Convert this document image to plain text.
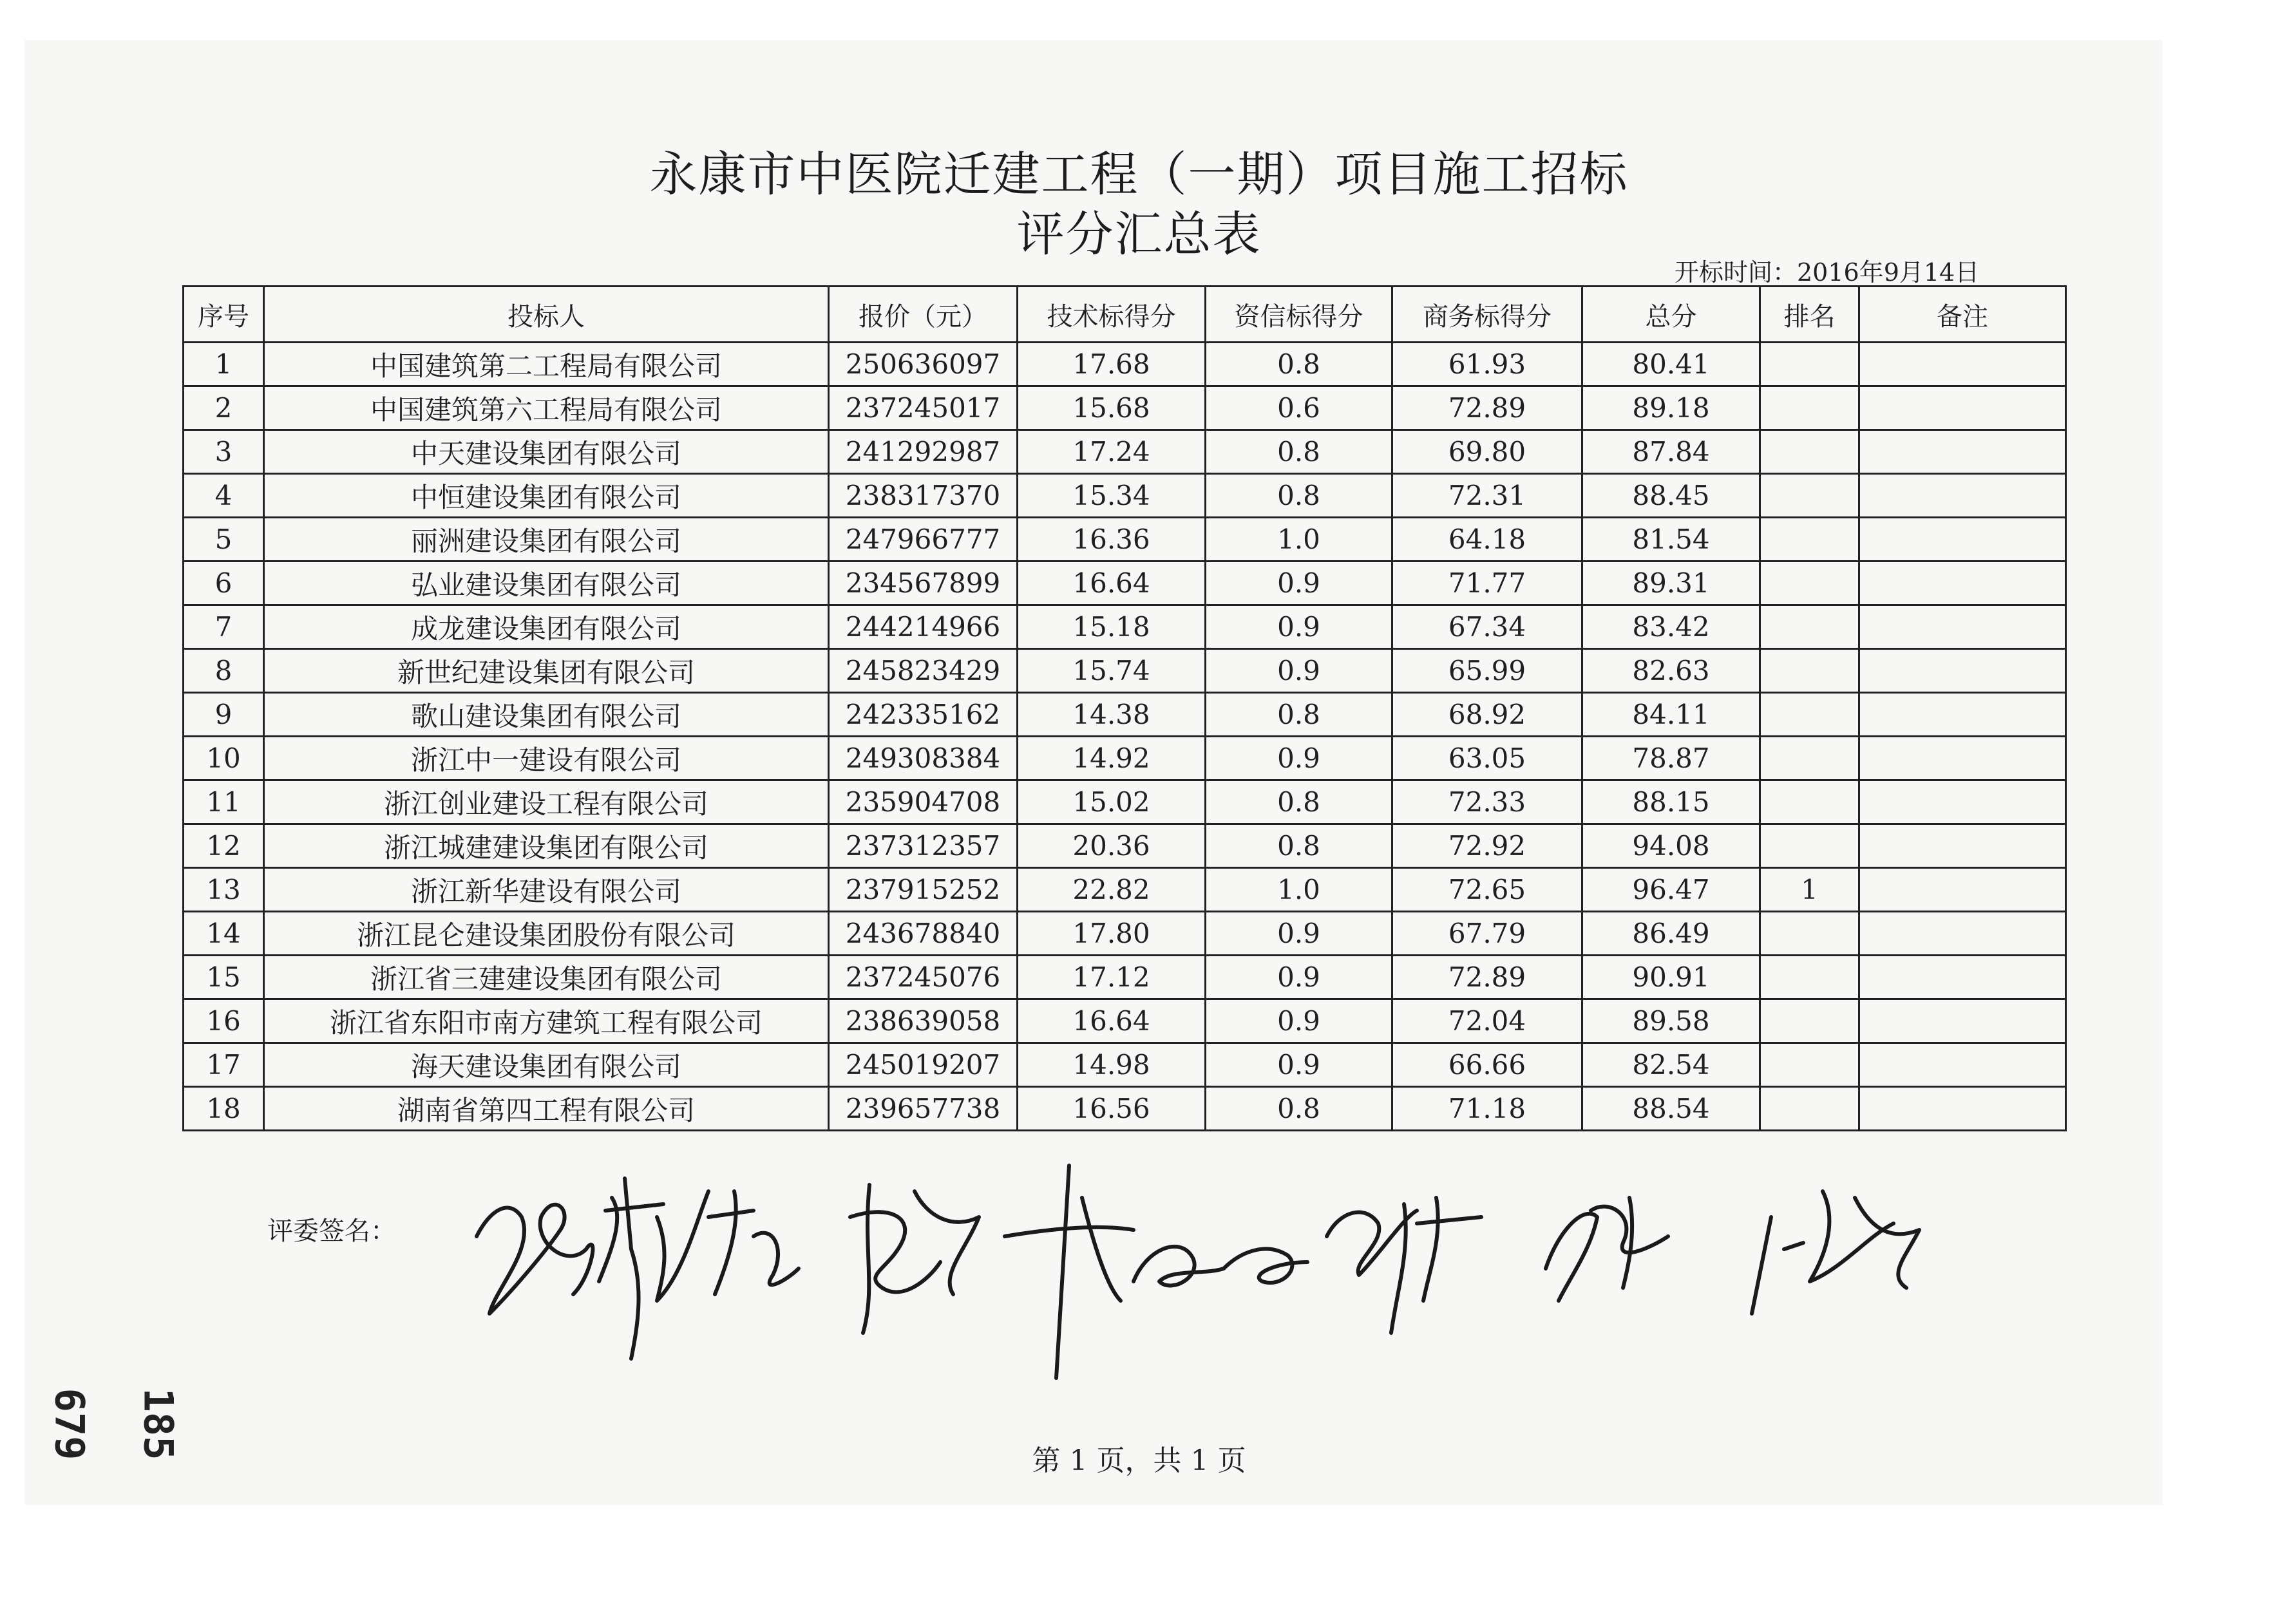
永康市中医院迁建工程（一期）项目施工招标
评分汇总表
开标时间：2016年9月14日
序号	投标人	报价（元）	技术标得分	资信标得分	商务标得分	总分	排名	备注
1	中国建筑第二工程局有限公司	250636097	17.68	0.8	61.93	80.41		
2	中国建筑第六工程局有限公司	237245017	15.68	0.6	72.89	89.18		
3	中天建设集团有限公司	241292987	17.24	0.8	69.80	87.84		
4	中恒建设集团有限公司	238317370	15.34	0.8	72.31	88.45		
5	丽洲建设集团有限公司	247966777	16.36	1.0	64.18	81.54		
6	弘业建设集团有限公司	234567899	16.64	0.9	71.77	89.31		
7	成龙建设集团有限公司	244214966	15.18	0.9	67.34	83.42		
8	新世纪建设集团有限公司	245823429	15.74	0.9	65.99	82.63		
9	歌山建设集团有限公司	242335162	14.38	0.8	68.92	84.11		
10	浙江中一建设有限公司	249308384	14.92	0.9	63.05	78.87		
11	浙江创业建设工程有限公司	235904708	15.02	0.8	72.33	88.15		
12	浙江城建建设集团有限公司	237312357	20.36	0.8	72.92	94.08		
13	浙江新华建设有限公司	237915252	22.82	1.0	72.65	96.47	1	
14	浙江昆仑建设集团股份有限公司	243678840	17.80	0.9	67.79	86.49		
15	浙江省三建建设集团有限公司	237245076	17.12	0.9	72.89	90.91		
16	浙江省东阳市南方建筑工程有限公司	238639058	16.64	0.9	72.04	89.58		
17	海天建设集团有限公司	245019207	14.98	0.9	66.66	82.54		
18	湖南省第四工程有限公司	239657738	16.56	0.8	71.18	88.54		
评委签名：
第 1 页，共 1 页
679 185
